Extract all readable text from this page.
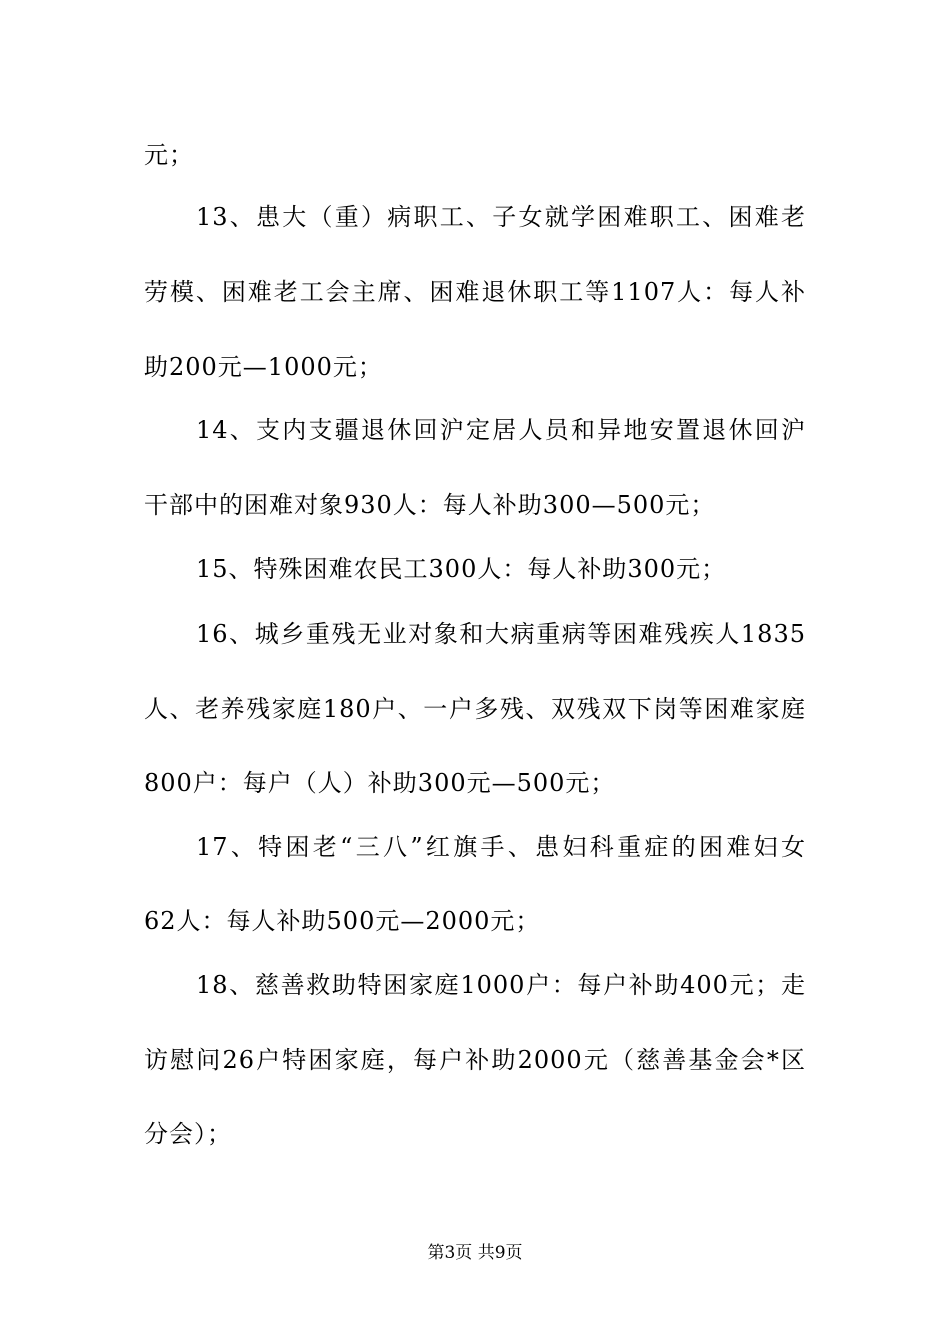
元；
13、患大（重）病职工、子女就学困难职工、困难老
劳模、困难老工会主席、困难退休职工等1107人：每人补
助200元—1000元；
14、支内支疆退休回沪定居人员和异地安置退休回沪
干部中的困难对象930人：每人补助300—500元；
15、特殊困难农民工300人：每人补助300元；
16、城乡重残无业对象和大病重病等困难残疾人1835
人、老养残家庭180户、一户多残、双残双下岗等困难家庭
800户：每户（人）补助300元—500元；
17、特困老“三八”红旗手、患妇科重症的困难妇女
62人：每人补助500元—2000元；
18、慈善救助特困家庭1000户：每户补助400元；走
访慰问26户特困家庭，每户补助2000元（慈善基金会*区
分会）；
第3页 共9页
